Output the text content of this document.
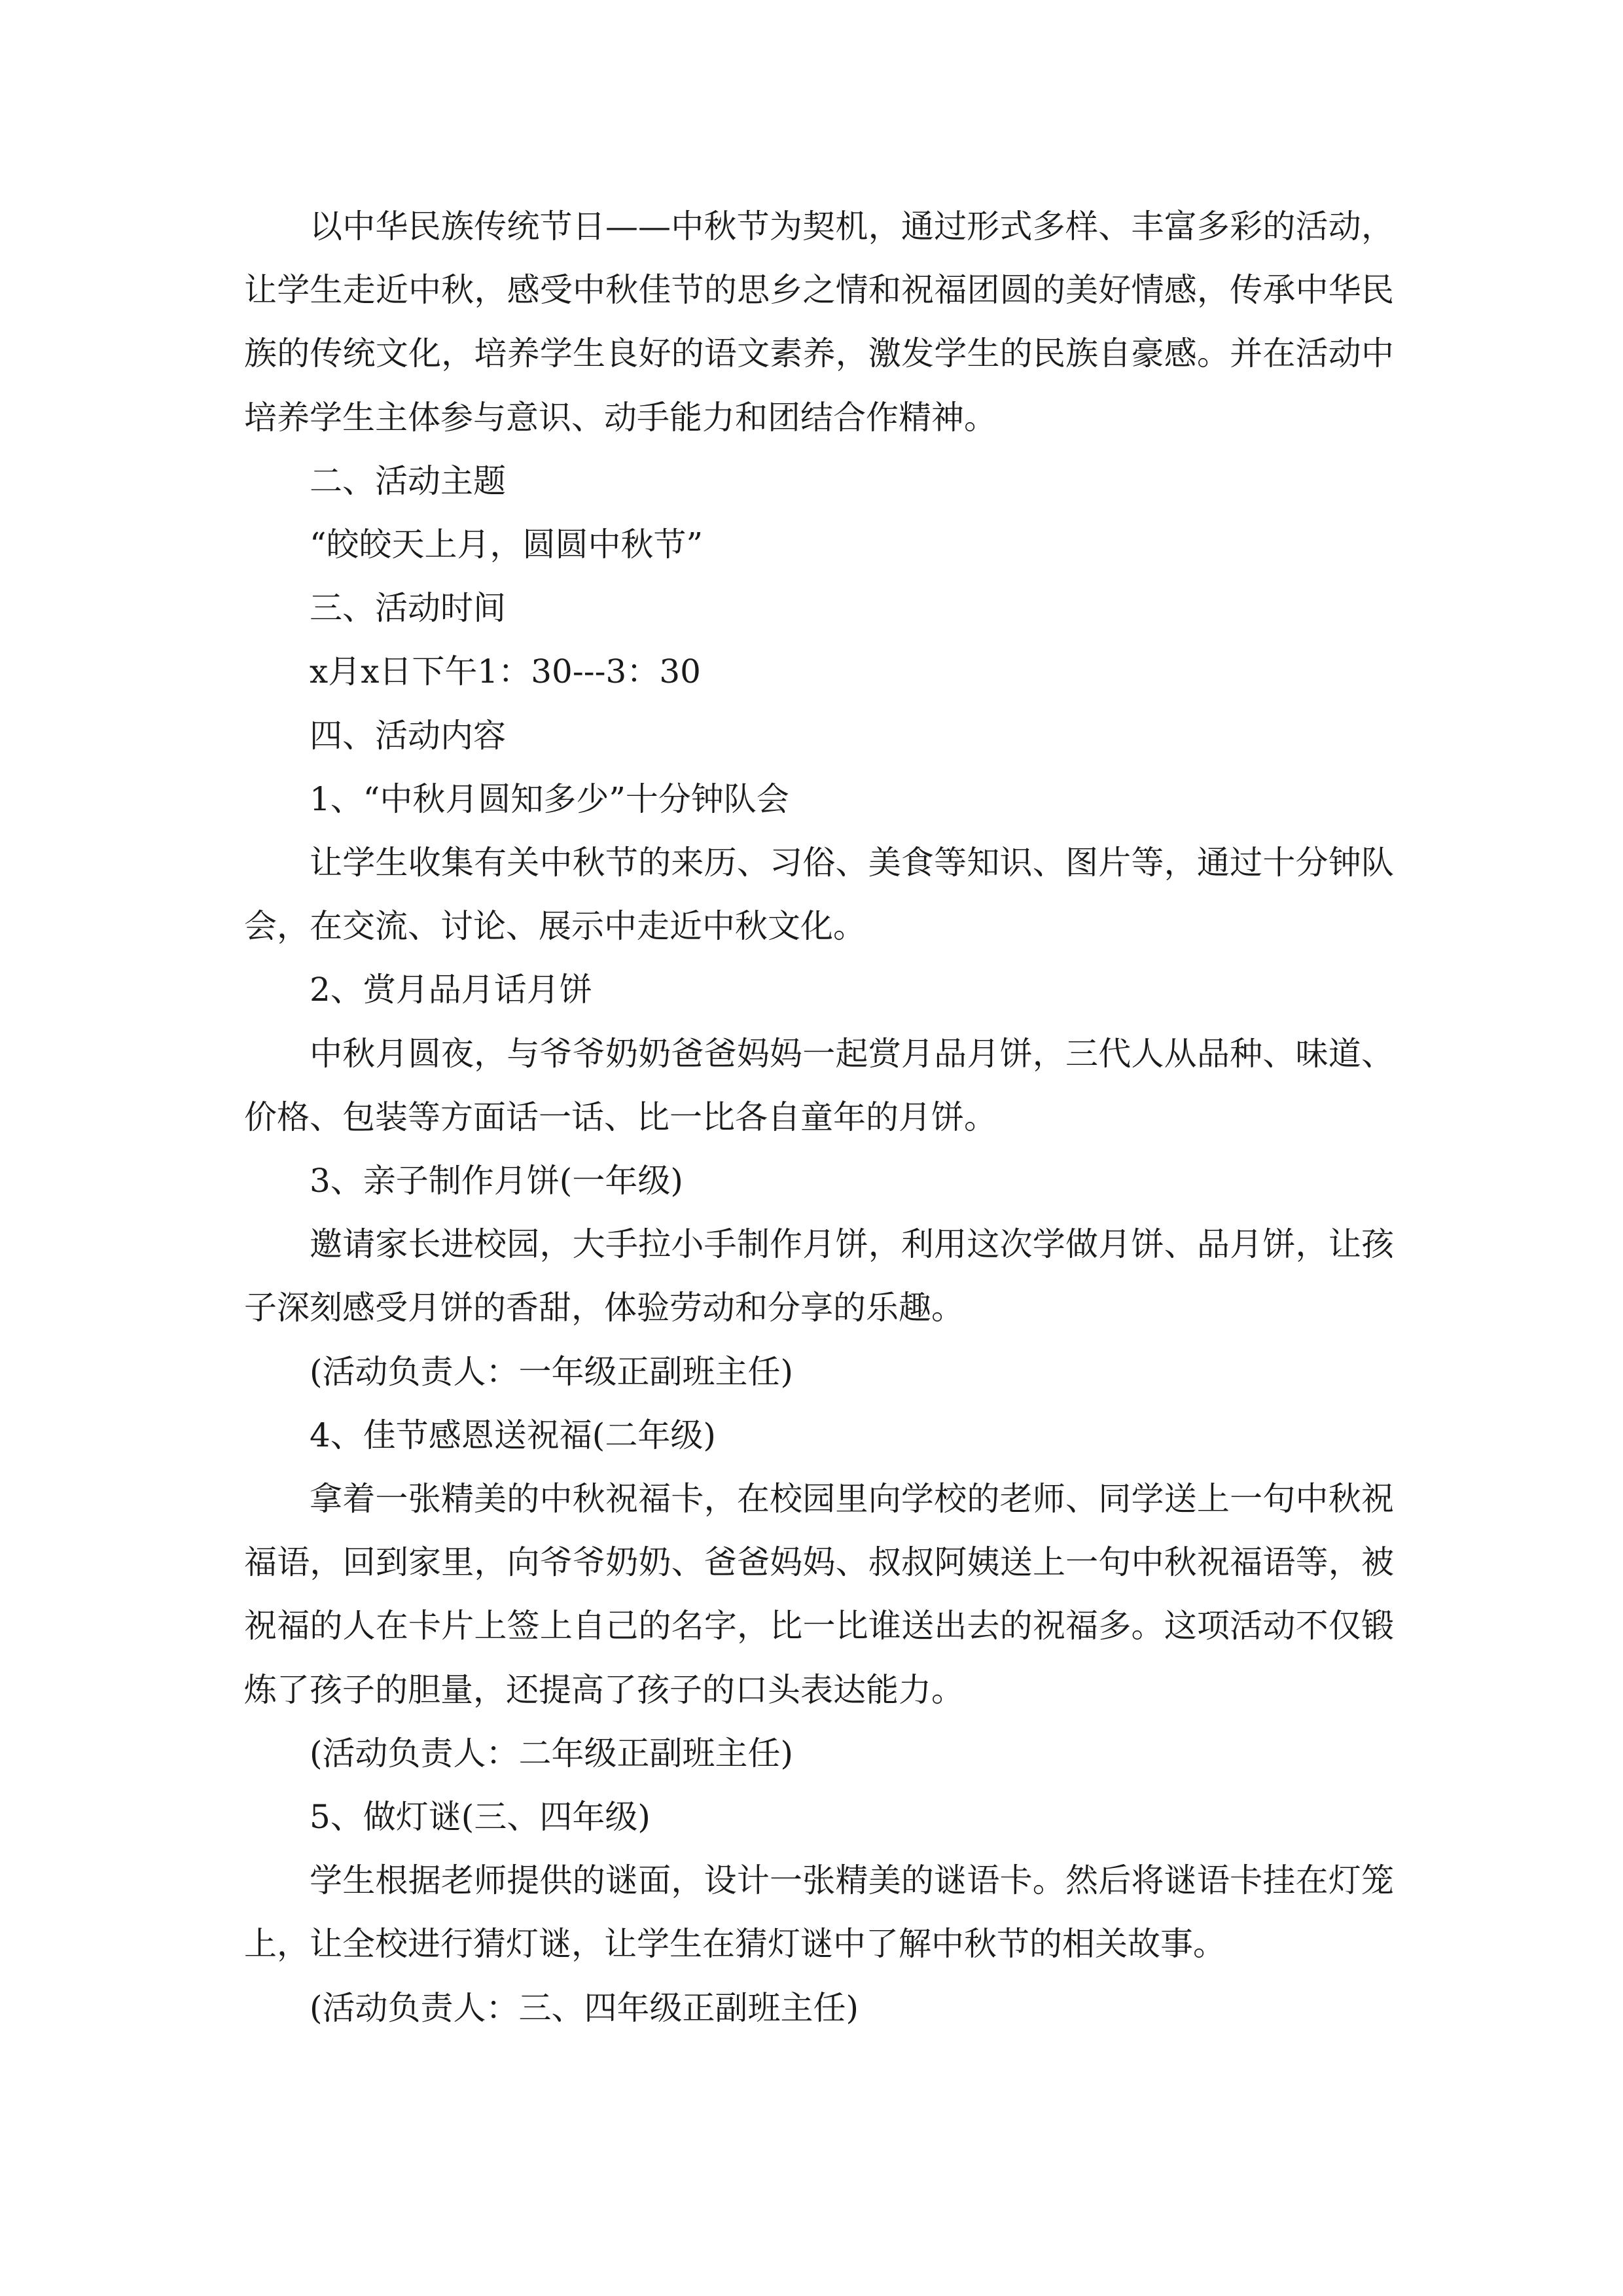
以中华民族传统节日——中秋节为契机，通过形式多样、丰富多彩的活动，让学生走近中秋，感受中秋佳节的思乡之情和祝福团圆的美好情感，传承中华民族的传统文化，培养学生良好的语文素养，激发学生的民族自豪感。并在活动中培养学生主体参与意识、动手能力和团结合作精神。

二、活动主题

“皎皎天上月，圆圆中秋节”

三、活动时间

x月x日下午1：30---3：30

四、活动内容

1、“中秋月圆知多少”十分钟队会

让学生收集有关中秋节的来历、习俗、美食等知识、图片等，通过十分钟队会，在交流、讨论、展示中走近中秋文化。

2、赏月品月话月饼

中秋月圆夜，与爷爷奶奶爸爸妈妈一起赏月品月饼，三代人从品种、味道、价格、包装等方面话一话、比一比各自童年的月饼。

3、亲子制作月饼(一年级)

邀请家长进校园，大手拉小手制作月饼，利用这次学做月饼、品月饼，让孩子深刻感受月饼的香甜，体验劳动和分享的乐趣。

(活动负责人：一年级正副班主任)

4、佳节感恩送祝福(二年级)

拿着一张精美的中秋祝福卡，在校园里向学校的老师、同学送上一句中秋祝福语，回到家里，向爷爷奶奶、爸爸妈妈、叔叔阿姨送上一句中秋祝福语等，被祝福的人在卡片上签上自己的名字，比一比谁送出去的祝福多。这项活动不仅锻炼了孩子的胆量，还提高了孩子的口头表达能力。

(活动负责人：二年级正副班主任)

5、做灯谜(三、四年级)

学生根据老师提供的谜面，设计一张精美的谜语卡。然后将谜语卡挂在灯笼上，让全校进行猜灯谜，让学生在猜灯谜中了解中秋节的相关故事。

(活动负责人：三、四年级正副班主任)
